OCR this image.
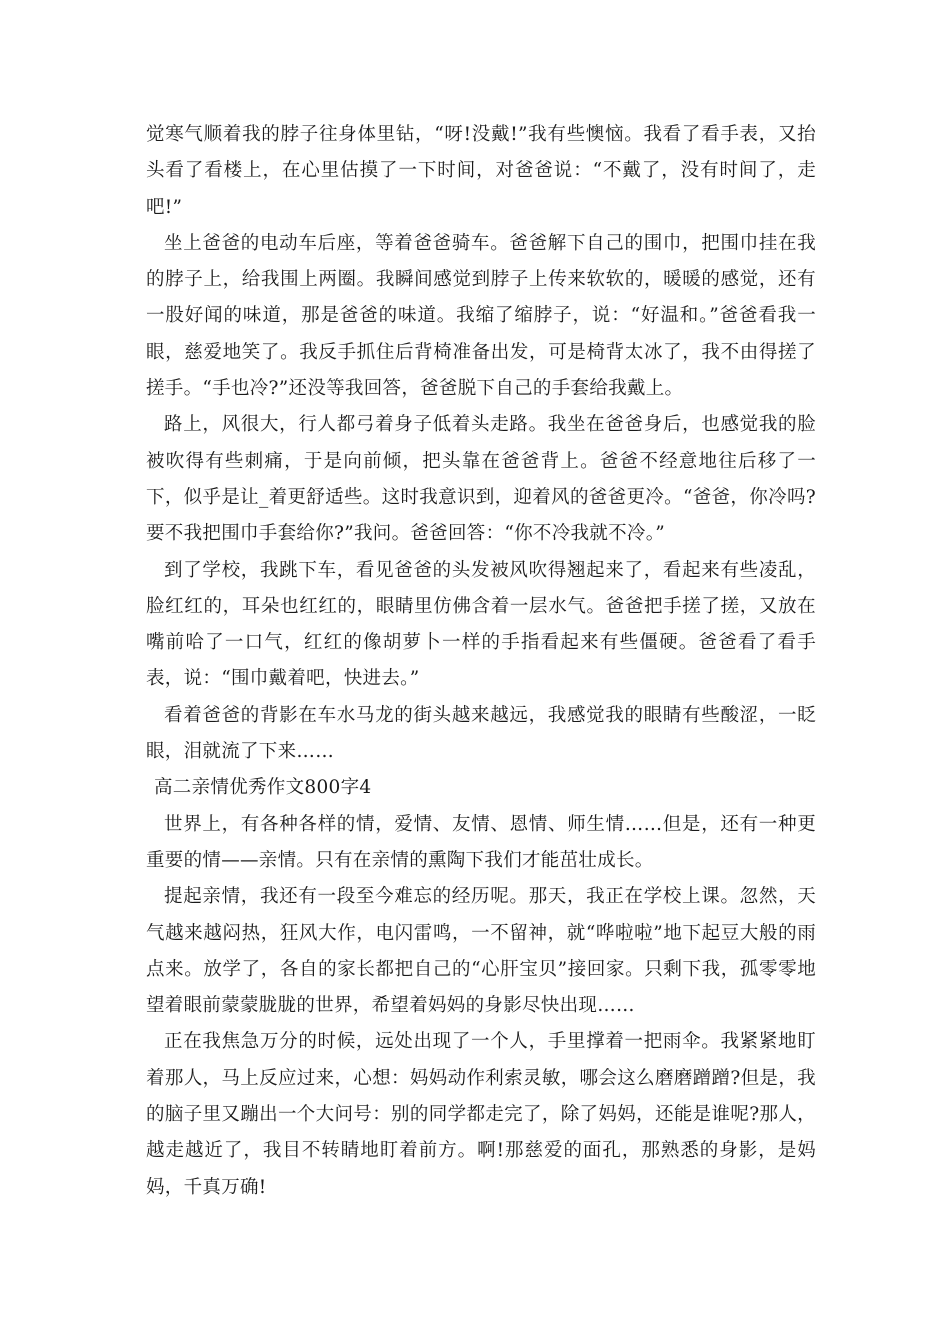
觉寒气顺着我的脖子往身体里钻，“呀!没戴!”我有些懊恼。我看了看手表，又抬头看了看楼上，在心里估摸了一下时间，对爸爸说：“不戴了，没有时间了，走吧!”

坐上爸爸的电动车后座，等着爸爸骑车。爸爸解下自己的围巾，把围巾挂在我的脖子上，给我围上两圈。我瞬间感觉到脖子上传来软软的，暖暖的感觉，还有一股好闻的味道，那是爸爸的味道。我缩了缩脖子，说：“好温和。”爸爸看我一眼，慈爱地笑了。我反手抓住后背椅准备出发，可是椅背太冰了，我不由得搓了搓手。“手也冷?”还没等我回答，爸爸脱下自己的手套给我戴上。

路上，风很大，行人都弓着身子低着头走路。我坐在爸爸身后，也感觉我的脸被吹得有些刺痛，于是向前倾，把头靠在爸爸背上。爸爸不经意地往后移了一下，似乎是让_着更舒适些。这时我意识到，迎着风的爸爸更冷。“爸爸，你冷吗?要不我把围巾手套给你?”我问。爸爸回答：“你不冷我就不冷。”

到了学校，我跳下车，看见爸爸的头发被风吹得翘起来了，看起来有些凌乱，脸红红的，耳朵也红红的，眼睛里仿佛含着一层水气。爸爸把手搓了搓，又放在嘴前哈了一口气，红红的像胡萝卜一样的手指看起来有些僵硬。爸爸看了看手表，说：“围巾戴着吧，快进去。”

看着爸爸的背影在车水马龙的街头越来越远，我感觉我的眼睛有些酸涩，一眨眼，泪就流了下来……

高二亲情优秀作文800字4

世界上，有各种各样的情，爱情、友情、恩情、师生情……但是，还有一种更重要的情——亲情。只有在亲情的熏陶下我们才能茁壮成长。

提起亲情，我还有一段至今难忘的经历呢。那天，我正在学校上课。忽然，天气越来越闷热，狂风大作，电闪雷鸣，一不留神，就“哗啦啦”地下起豆大般的雨点来。放学了，各自的家长都把自己的“心肝宝贝”接回家。只剩下我，孤零零地望着眼前蒙蒙胧胧的世界，希望着妈妈的身影尽快出现……

正在我焦急万分的时候，远处出现了一个人，手里撑着一把雨伞。我紧紧地盯着那人，马上反应过来，心想：妈妈动作利索灵敏，哪会这么磨磨蹭蹭?但是，我的脑子里又蹦出一个大问号：别的同学都走完了，除了妈妈，还能是谁呢?那人，越走越近了，我目不转睛地盯着前方。啊!那慈爱的面孔，那熟悉的身影，是妈妈，千真万确!
